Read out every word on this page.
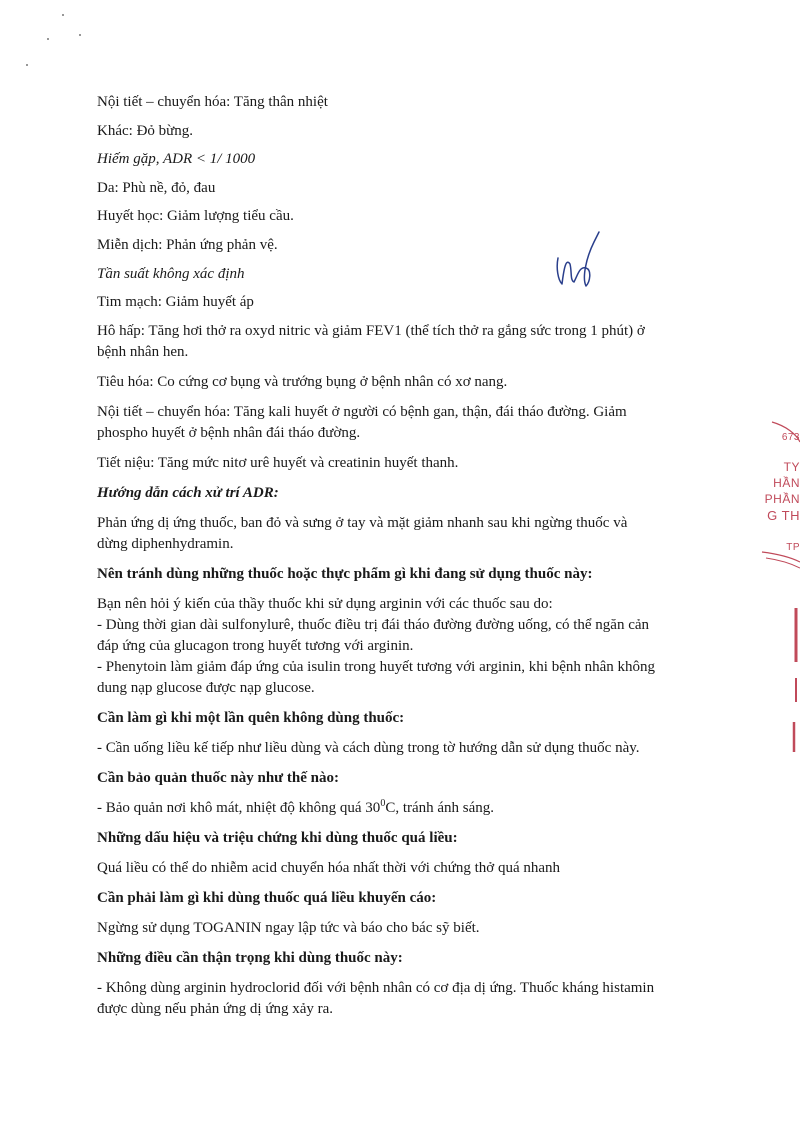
Nội tiết – chuyển hóa: Tăng thân nhiệt

Khác: Đỏ bừng.

Hiếm gặp, ADR < 1/ 1000

Da: Phù nề, đỏ, đau

Huyết học: Giảm lượng tiểu cầu.

Miễn dịch: Phản ứng phản vệ.

Tần suất không xác định

Tim mạch: Giảm huyết áp

Hô hấp: Tăng hơi thở ra oxyd nitric và giảm FEV1 (thể tích thở ra gắng sức trong 1 phút) ở
bệnh nhân hen.

Tiêu hóa: Co cứng cơ bụng và trướng bụng ở bệnh nhân có xơ nang.

Nội tiết – chuyển hóa: Tăng kali huyết ở người có bệnh gan, thận, đái tháo đường. Giảm
phospho huyết ở bệnh nhân đái tháo đường.

Tiết niệu: Tăng mức nitơ urê huyết và creatinin huyết thanh.

Hướng dẫn cách xử trí ADR:

Phản ứng dị ứng thuốc, ban đỏ và sưng ở tay và mặt giảm nhanh sau khi ngừng thuốc và
dừng diphenhydramin.

Nên tránh dùng những thuốc hoặc thực phẩm gì khi đang sử dụng thuốc này:

Bạn nên hỏi ý kiến của thầy thuốc khi sử dụng arginin với các thuốc sau do:
- Dùng thời gian dài sulfonylurê, thuốc điều trị đái tháo đường đường uống, có thể ngăn cản
đáp ứng của glucagon trong huyết tương với arginin.
- Phenytoin làm giảm đáp ứng của isulin trong huyết tương với arginin, khi bệnh nhân không
dung nạp glucose được nạp glucose.

Cần làm gì khi một lần quên không dùng thuốc:

- Cần uống liều kế tiếp như liều dùng và cách dùng trong tờ hướng dẫn sử dụng thuốc này.

Cần bảo quản thuốc này như thế nào:

- Bảo quản nơi khô mát, nhiệt độ không quá $30^0C$, tránh ánh sáng.

Những dấu hiệu và triệu chứng khi dùng thuốc quá liều:

Quá liều có thể do nhiễm acid chuyển hóa nhất thời với chứng thở quá nhanh

Cần phải làm gì khi dùng thuốc quá liều khuyến cáo:

Ngừng sử dụng TOGANIN ngay lập tức và báo cho bác sỹ biết.

Những điều cần thận trọng khi dùng thuốc này:

- Không dùng arginin hydroclorid đối với bệnh nhân có cơ địa dị ứng. Thuốc kháng histamin
được dùng nếu phản ứng dị ứng xảy ra.

673
TY
HẦN
PHẦN
G TH
TP
